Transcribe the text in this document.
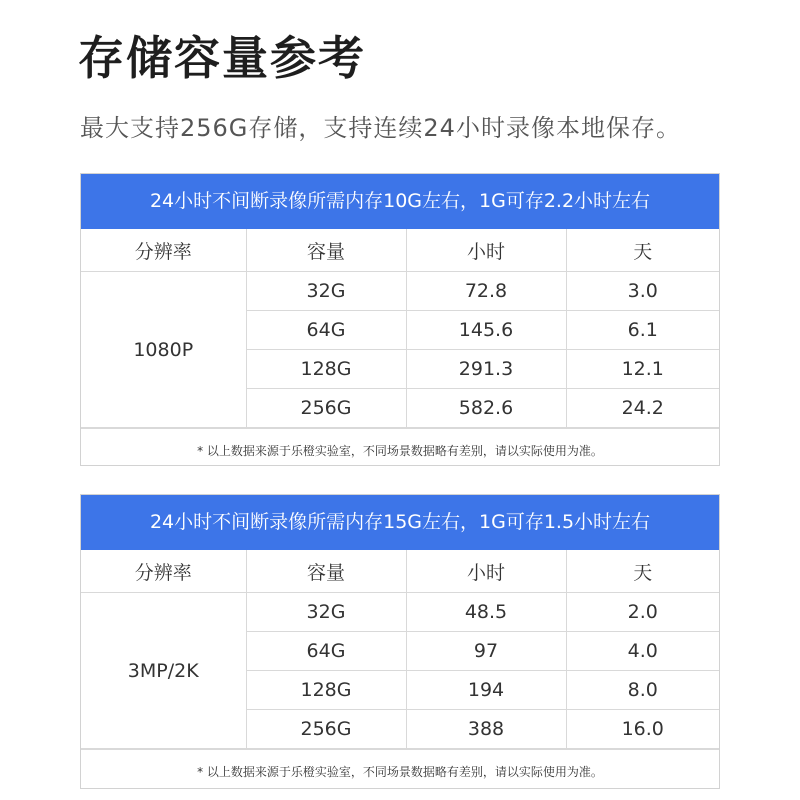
存储容量参考

最大支持256G存储，支持连续24小时录像本地保存。

24小时不间断录像所需内存10G左右，1G可存2.2小时左右
分辨率	容量	小时	天
1080P	32G	72.8	3.0
	64G	145.6	6.1
	128G	291.3	12.1
	256G	582.6	24.2
* 以上数据来源于乐橙实验室，不同场景数据略有差别，请以实际使用为准。
24小时不间断录像所需内存15G左右，1G可存1.5小时左右
分辨率	容量	小时	天
3MP/2K	32G	48.5	2.0
	64G	97	4.0
	128G	194	8.0
	256G	388	16.0
* 以上数据来源于乐橙实验室，不同场景数据略有差别，请以实际使用为准。
